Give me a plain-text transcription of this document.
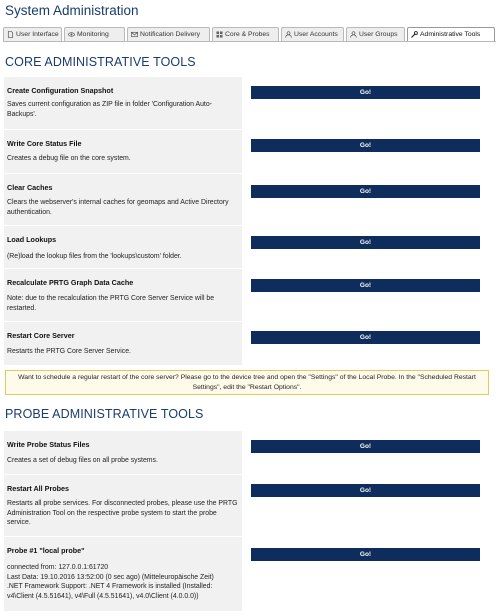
System Administration
User Interface	Monitoring	Notification Delivery	Core & Probes	User Accounts	User Groups	Administrative Tools
CORE ADMINISTRATIVE TOOLS
Create Configuration Snapshot
Saves current configuration as ZIP file in folder 'Configuration Auto-Backups'.
Go!
Write Core Status File
Creates a debug file on the core system.
Go!
Clear Caches
Clears the webserver's internal caches for geomaps and Active Directory authentication.
Go!
Load Lookups
(Re)load the lookup files from the 'lookups\custom' folder.
Go!
Recalculate PRTG Graph Data Cache
Note: due to the recalculation the PRTG Core Server Service will be restarted.
Go!
Restart Core Server
Restarts the PRTG Core Server Service.
Go!
Want to schedule a regular restart of the core server? Please go to the device tree and open the "Settings" of the Local Probe. In the "Scheduled Restart Settings", edit the "Restart Options".
PROBE ADMINISTRATIVE TOOLS
Write Probe Status Files
Creates a set of debug files on all probe systems.
Go!
Restart All Probes
Restarts all probe services. For disconnected probes, please use the PRTG Administration Tool on the respective probe system to start the probe service.
Go!
Probe #1 "local probe"
connected from: 127.0.0.1:61720
Last Data: 19.10.2016 13:52:00 (0 sec ago) (Mitteleuropäische Zeit)
.NET Framework Support: .NET 4 Framework is installed (Installed: v4\Client (4.5.51641), v4\Full (4.5.51641), v4.0\Client (4.0.0.0))
Go!
